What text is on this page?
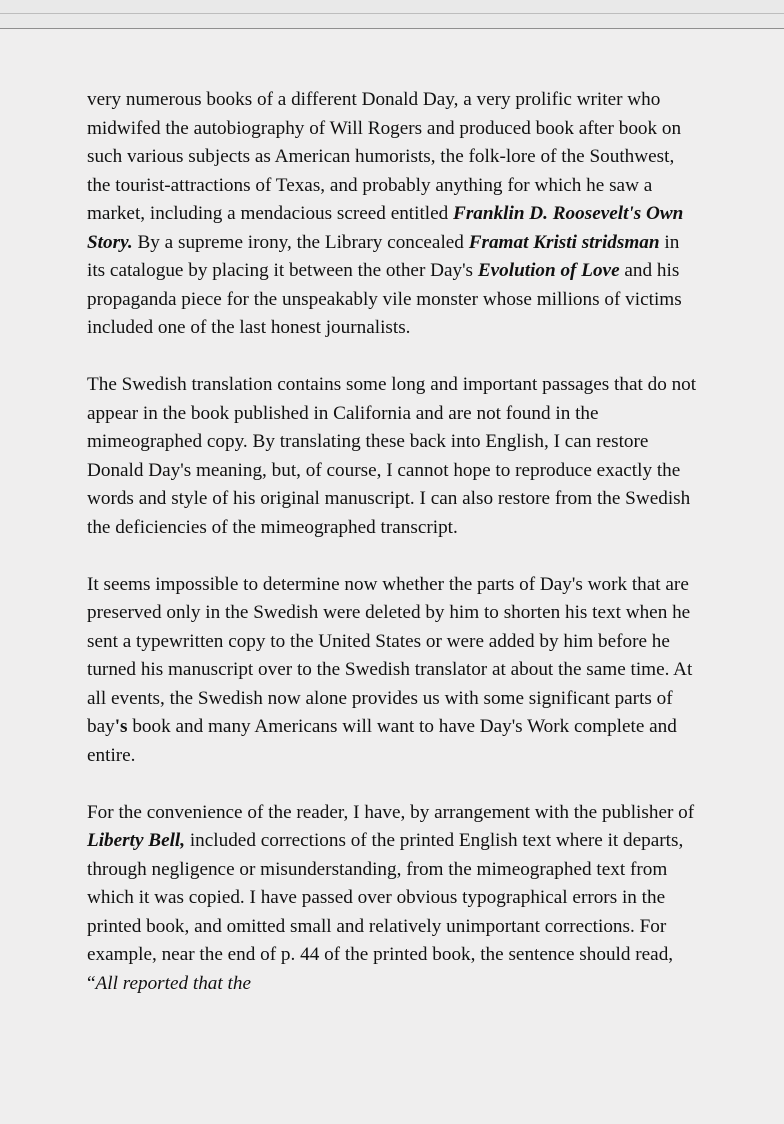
very numerous books of a different Donald Day, a very prolific writer who midwifed the autobiography of Will Rogers and produced book after book on such various subjects as American humorists, the folk-lore of the Southwest, the tourist-attractions of Texas, and probably anything for which he saw a market, including a mendacious screed entitled Franklin D. Roosevelt's Own Story. By a supreme irony, the Library concealed Framat Kristi stridsman in its catalogue by placing it between the other Day's Evolution of Love and his propaganda piece for the unspeakably vile monster whose millions of victims included one of the last honest journalists.

The Swedish translation contains some long and important passages that do not appear in the book published in California and are not found in the mimeographed copy. By translating these back into English, I can restore Donald Day's meaning, but, of course, I cannot hope to reproduce exactly the words and style of his original manuscript. I can also restore from the Swedish the deficiencies of the mimeographed transcript.

It seems impossible to determine now whether the parts of Day's work that are preserved only in the Swedish were deleted by him to shorten his text when he sent a typewritten copy to the United States or were added by him before he turned his manuscript over to the Swedish translator at about the same time. At all events, the Swedish now alone provides us with some significant parts of bay's book and many Americans will want to have Day's Work complete and entire.

For the convenience of the reader, I have, by arrangement with the publisher of Liberty Bell, included corrections of the printed English text where it departs, through negligence or misunderstanding, from the mimeographed text from which it was copied. I have passed over obvious typographical errors in the printed book, and omitted small and relatively unimportant corrections. For example, near the end of p. 44 of the printed book, the sentence should read, “All reported that the
